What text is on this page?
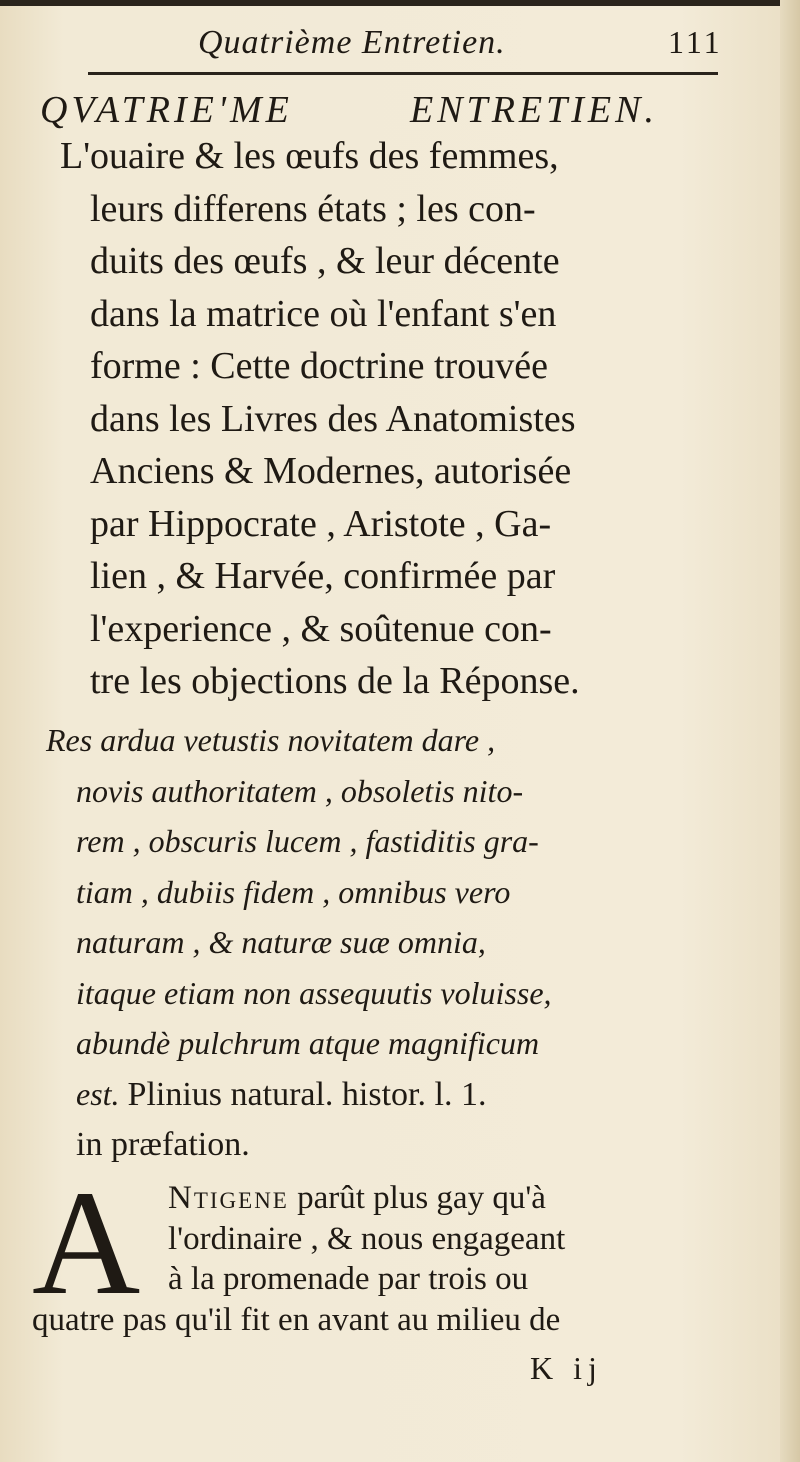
Quatrième Entretien.	111
QVATRIE'ME	ENTRETIEN.
L'ouaire & les œufs des femmes,
leurs differens états ; les con-
duits des œufs , & leur décente
dans la matrice où l'enfant s'en
forme : Cette doctrine trouvée
dans les Livres des Anatomistes
Anciens & Modernes, autorisée
par Hippocrate , Aristote , Ga-
lien , & Harvée, confirmée par
l'experience , & soûtenue con-
tre les objections de la Réponse.
Res ardua vetustis novitatem dare ,
novis authoritatem , obsoletis nito-
rem , obscuris lucem , fastiditis gra-
tiam , dubiis fidem , omnibus vero
naturam , & naturæ suæ omnia,
itaque etiam non assequutis voluisse,
abundè pulchrum atque magnificum
est. Plinius natural. histor. l. 1.
in præfation.
A Ntigene parût plus gay qu'à
l'ordinaire , & nous engageant
à la promenade par trois ou
quatre pas qu'il fit en avant au milieu de
K ij
